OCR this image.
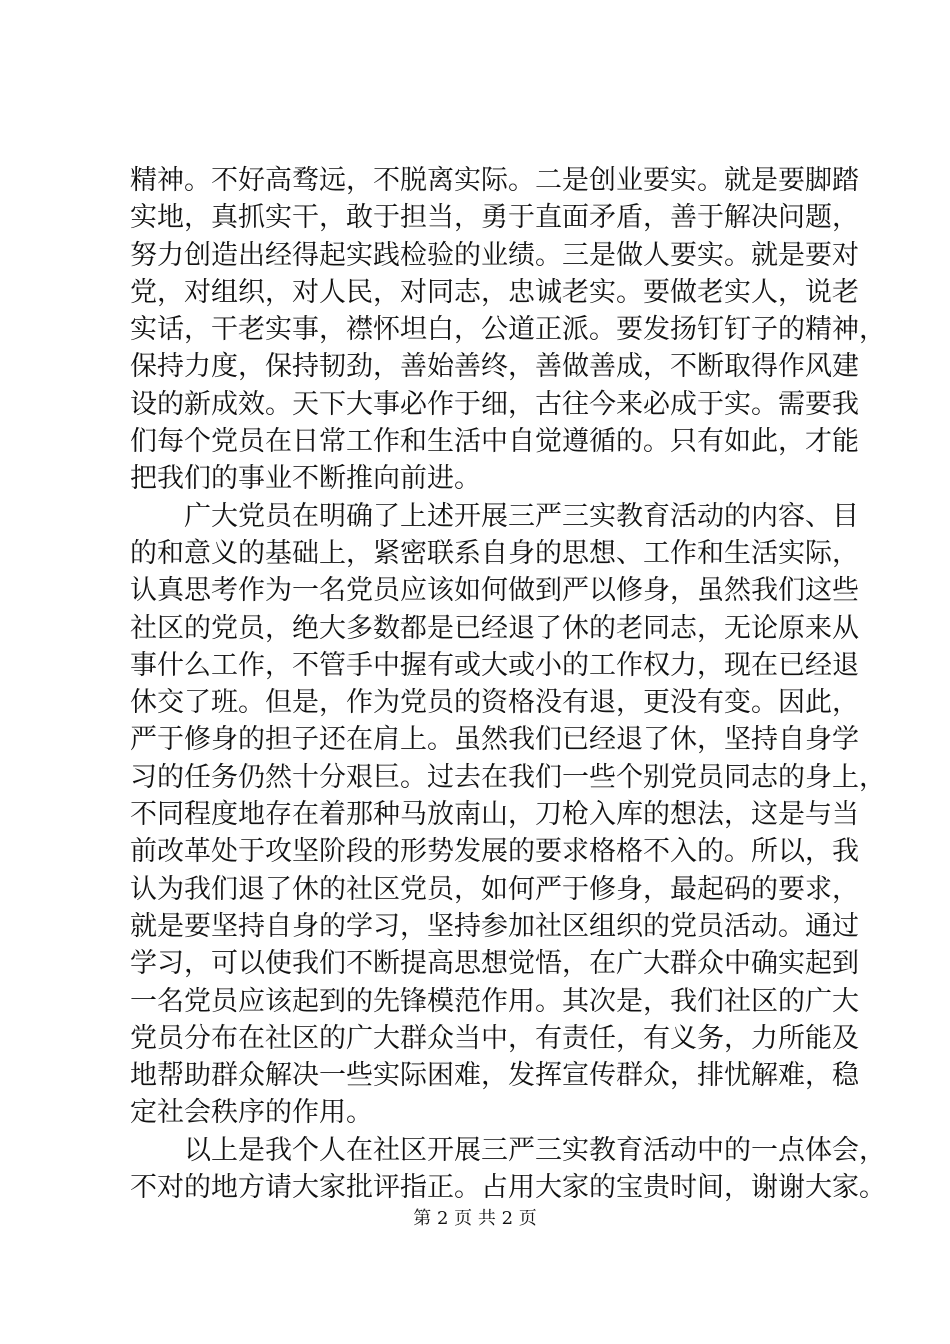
精神。不好高骛远，不脱离实际。二是创业要实。就是要脚踏
实地，真抓实干，敢于担当，勇于直面矛盾，善于解决问题，
努力创造出经得起实践检验的业绩。三是做人要实。就是要对
党，对组织，对人民，对同志，忠诚老实。要做老实人，说老
实话，干老实事，襟怀坦白，公道正派。要发扬钉钉子的精神，
保持力度，保持韧劲，善始善终，善做善成，不断取得作风建
设的新成效。天下大事必作于细，古往今来必成于实。需要我
们每个党员在日常工作和生活中自觉遵循的。只有如此，才能
把我们的事业不断推向前进。
广大党员在明确了上述开展三严三实教育活动的内容、目
的和意义的基础上，紧密联系自身的思想、工作和生活实际，
认真思考作为一名党员应该如何做到严以修身，虽然我们这些
社区的党员，绝大多数都是已经退了休的老同志，无论原来从
事什么工作，不管手中握有或大或小的工作权力，现在已经退
休交了班。但是，作为党员的资格没有退，更没有变。因此，
严于修身的担子还在肩上。虽然我们已经退了休，坚持自身学
习的任务仍然十分艰巨。过去在我们一些个别党员同志的身上，
不同程度地存在着那种马放南山，刀枪入库的想法，这是与当
前改革处于攻坚阶段的形势发展的要求格格不入的。所以，我
认为我们退了休的社区党员，如何严于修身，最起码的要求，
就是要坚持自身的学习，坚持参加社区组织的党员活动。通过
学习，可以使我们不断提高思想觉悟，在广大群众中确实起到
一名党员应该起到的先锋模范作用。其次是，我们社区的广大
党员分布在社区的广大群众当中，有责任，有义务，力所能及
地帮助群众解决一些实际困难，发挥宣传群众，排忧解难，稳
定社会秩序的作用。
以上是我个人在社区开展三严三实教育活动中的一点体会，
不对的地方请大家批评指正。占用大家的宝贵时间，谢谢大家。
第 2 页 共 2 页
